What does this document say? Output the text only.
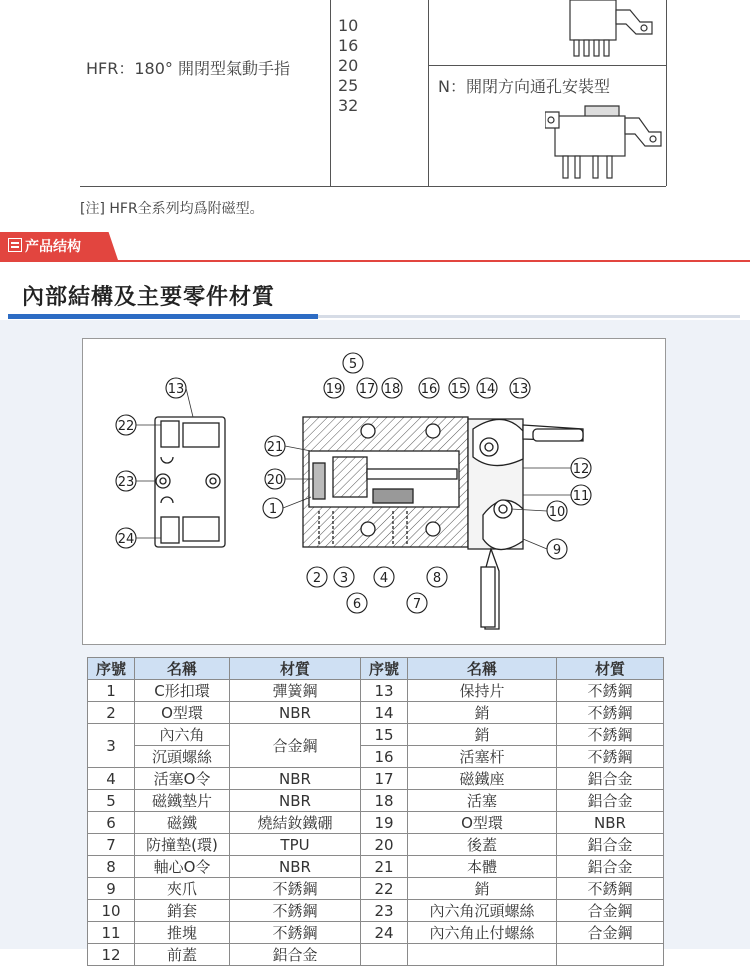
HFR：180° 開閉型氣動手指
10
16
20
25
32
N：開閉方向通孔安裝型
[注] HFR全系列均爲附磁型。
产品结构
內部結構及主要零件材質
5
13	19 17 18 16 15 14 13
22
21
20
1
23
24
12
11
10
9
2 3 4	8
6	7
序號	名稱	材質	序號	名稱	材質
1	C形扣環	彈簧鋼	13	保持片	不銹鋼
2	O型環	NBR	14	銷	不銹鋼
3	內六角	合金鋼	15	銷	不銹鋼
	沉頭螺絲		16	活塞杆	不銹鋼
4	活塞O令	NBR	17	磁鐵座	鋁合金
5	磁鐵墊片	NBR	18	活塞	鋁合金
6	磁鐵	燒結釹鐵硼	19	O型環	NBR
7	防撞墊(環)	TPU	20	後蓋	鋁合金
8	軸心O令	NBR	21	本體	鋁合金
9	夾爪	不銹鋼	22	銷	不銹鋼
10	銷套	不銹鋼	23	內六角沉頭螺絲	合金鋼
11	推塊	不銹鋼	24	內六角止付螺絲	合金鋼
12	前蓋	鋁合金			
